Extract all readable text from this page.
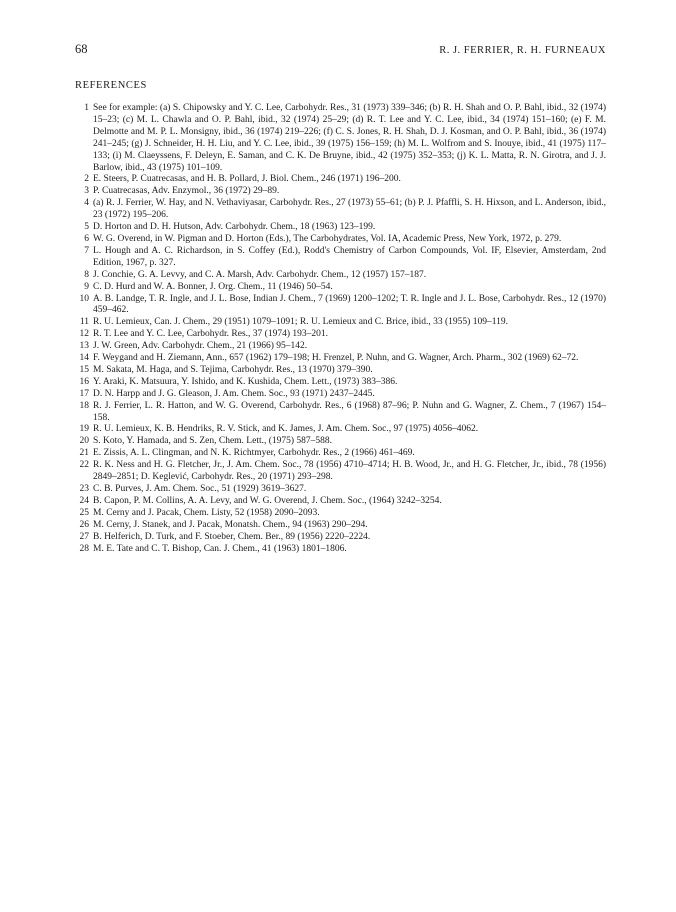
68	R. J. FERRIER, R. H. FURNEAUX
REFERENCES
1 See for example: (a) S. Chipowsky and Y. C. Lee, Carbohydr. Res., 31 (1973) 339–346; (b) R. H. Shah and O. P. Bahl, ibid., 32 (1974) 15–23; (c) M. L. Chawla and O. P. Bahl, ibid., 32 (1974) 25–29; (d) R. T. Lee and Y. C. Lee, ibid., 34 (1974) 151–160; (e) F. M. Delmotte and M. P. L. Monsigny, ibid., 36 (1974) 219–226; (f) C. S. Jones, R. H. Shah, D. J. Kosman, and O. P. Bahl, ibid., 36 (1974) 241–245; (g) J. Schneider, H. H. Liu, and Y. C. Lee, ibid., 39 (1975) 156–159; (h) M. L. Wolfrom and S. Inouye, ibid., 41 (1975) 117–133; (i) M. Claeyssens, F. Deleyn, E. Saman, and C. K. De Bruyne, ibid., 42 (1975) 352–353; (j) K. L. Matta, R. N. Girotra, and J. J. Barlow, ibid., 43 (1975) 101–109.
2 E. Steers, P. Cuatrecasas, and H. B. Pollard, J. Biol. Chem., 246 (1971) 196–200.
3 P. Cuatrecasas, Adv. Enzymol., 36 (1972) 29–89.
4 (a) R. J. Ferrier, W. Hay, and N. Vethaviyasar, Carbohydr. Res., 27 (1973) 55–61; (b) P. J. Pfaffli, S. H. Hixson, and L. Anderson, ibid., 23 (1972) 195–206.
5 D. Horton and D. H. Hutson, Adv. Carbohydr. Chem., 18 (1963) 123–199.
6 W. G. Overend, in W. Pigman and D. Horton (Eds.), The Carbohydrates, Vol. IA, Academic Press, New York, 1972, p. 279.
7 L. Hough and A. C. Richardson, in S. Coffey (Ed.), Rodd's Chemistry of Carbon Compounds, Vol. IF, Elsevier, Amsterdam, 2nd Edition, 1967, p. 327.
8 J. Conchie, G. A. Levvy, and C. A. Marsh, Adv. Carbohydr. Chem., 12 (1957) 157–187.
9 C. D. Hurd and W. A. Bonner, J. Org. Chem., 11 (1946) 50–54.
10 A. B. Landge, T. R. Ingle, and J. L. Bose, Indian J. Chem., 7 (1969) 1200–1202; T. R. Ingle and J. L. Bose, Carbohydr. Res., 12 (1970) 459–462.
11 R. U. Lemieux, Can. J. Chem., 29 (1951) 1079–1091; R. U. Lemieux and C. Brice, ibid., 33 (1955) 109–119.
12 R. T. Lee and Y. C. Lee, Carbohydr. Res., 37 (1974) 193–201.
13 J. W. Green, Adv. Carbohydr. Chem., 21 (1966) 95–142.
14 F. Weygand and H. Ziemann, Ann., 657 (1962) 179–198; H. Frenzel, P. Nuhn, and G. Wagner, Arch. Pharm., 302 (1969) 62–72.
15 M. Sakata, M. Haga, and S. Tejima, Carbohydr. Res., 13 (1970) 379–390.
16 Y. Araki, K. Matsuura, Y. Ishido, and K. Kushida, Chem. Lett., (1973) 383–386.
17 D. N. Harpp and J. G. Gleason, J. Am. Chem. Soc., 93 (1971) 2437–2445.
18 R. J. Ferrier, L. R. Hatton, and W. G. Overend, Carbohydr. Res., 6 (1968) 87–96; P. Nuhn and G. Wagner, Z. Chem., 7 (1967) 154–158.
19 R. U. Lemieux, K. B. Hendriks, R. V. Stick, and K. James, J. Am. Chem. Soc., 97 (1975) 4056–4062.
20 S. Koto, Y. Hamada, and S. Zen, Chem. Lett., (1975) 587–588.
21 E. Zissis, A. L. Clingman, and N. K. Richtmyer, Carbohydr. Res., 2 (1966) 461–469.
22 R. K. Ness and H. G. Fletcher, Jr., J. Am. Chem. Soc., 78 (1956) 4710–4714; H. B. Wood, Jr., and H. G. Fletcher, Jr., ibid., 78 (1956) 2849–2851; D. Keglević, Carbohydr. Res., 20 (1971) 293–298.
23 C. B. Purves, J. Am. Chem. Soc., 51 (1929) 3619–3627.
24 B. Capon, P. M. Collins, A. A. Levy, and W. G. Overend, J. Chem. Soc., (1964) 3242–3254.
25 M. Cerny and J. Pacak, Chem. Listy, 52 (1958) 2090–2093.
26 M. Cerny, J. Stanek, and J. Pacak, Monatsh. Chem., 94 (1963) 290–294.
27 B. Helferich, D. Turk, and F. Stoeber, Chem. Ber., 89 (1956) 2220–2224.
28 M. E. Tate and C. T. Bishop, Can. J. Chem., 41 (1963) 1801–1806.
